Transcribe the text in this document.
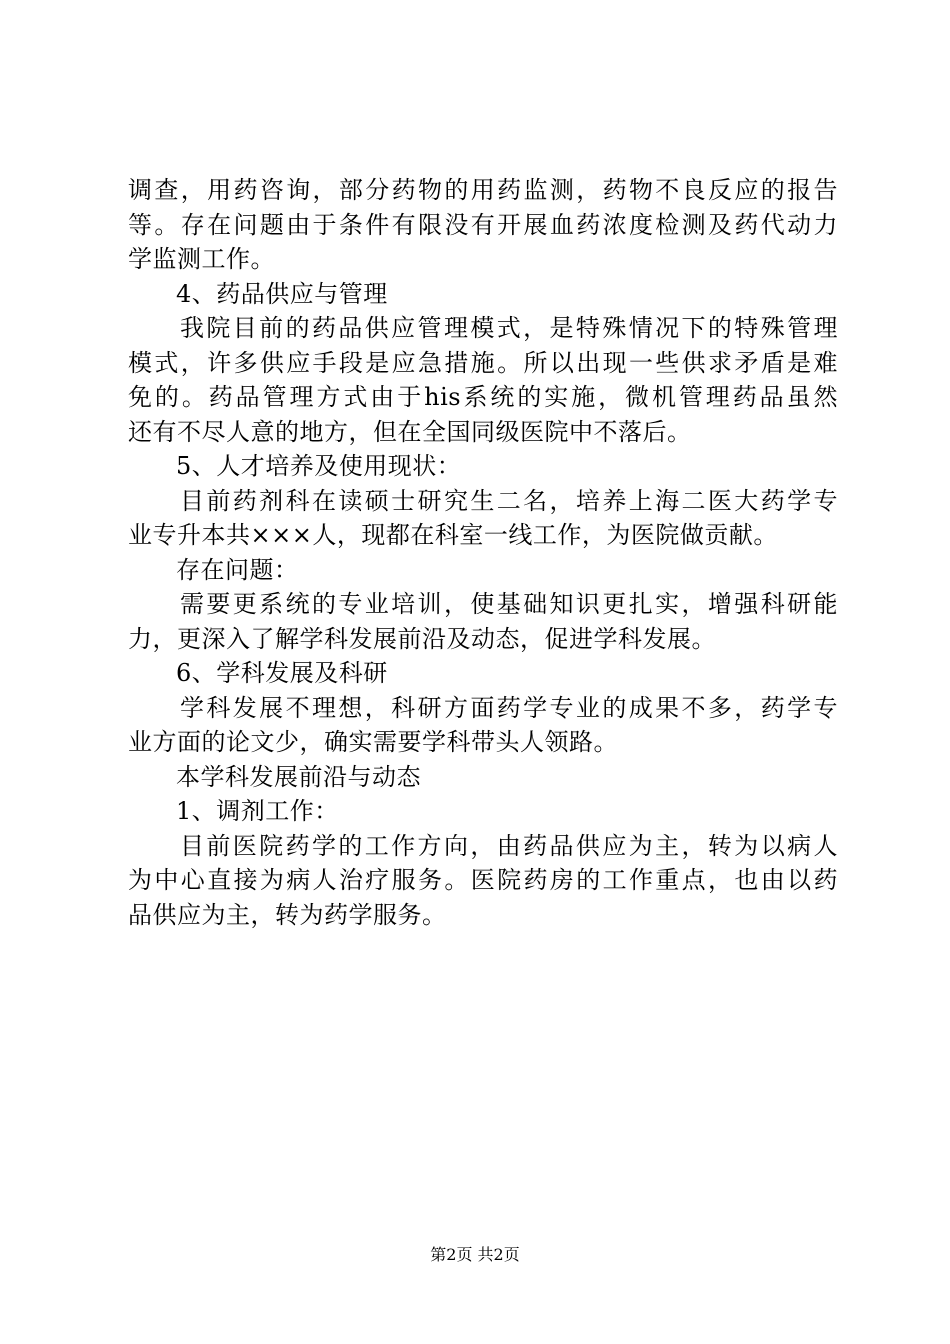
调查，用药咨询，部分药物的用药监测，药物不良反应的报告
等。存在问题由于条件有限没有开展血药浓度检测及药代动力
学监测工作。
4、药品供应与管理
我院目前的药品供应管理模式，是特殊情况下的特殊管理
模式，许多供应手段是应急措施。所以出现一些供求矛盾是难
免的。药品管理方式由于his系统的实施，微机管理药品虽然
还有不尽人意的地方，但在全国同级医院中不落后。
5、人才培养及使用现状：
目前药剂科在读硕士研究生二名，培养上海二医大药学专
业专升本共×××人，现都在科室一线工作，为医院做贡献。
存在问题：
需要更系统的专业培训，使基础知识更扎实，增强科研能
力，更深入了解学科发展前沿及动态，促进学科发展。
6、学科发展及科研
学科发展不理想，科研方面药学专业的成果不多，药学专
业方面的论文少，确实需要学科带头人领路。
本学科发展前沿与动态
1、调剂工作：
目前医院药学的工作方向，由药品供应为主，转为以病人
为中心直接为病人治疗服务。医院药房的工作重点，也由以药
品供应为主，转为药学服务。
第2页 共2页
